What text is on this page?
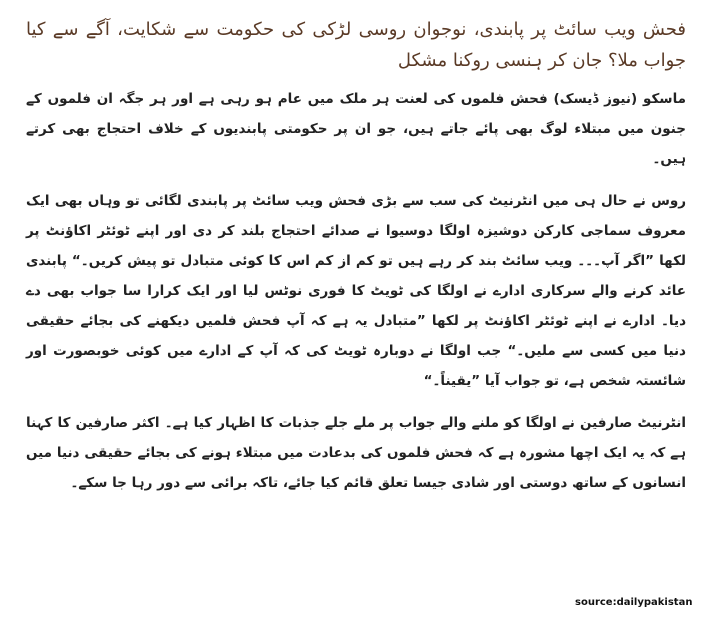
فحش ویب سائٹ پر پابندی، نوجوان روسی لڑکی کی حکومت سے شکایت، آگے سے کیا جواب ملا؟ جان کر ہنسی روکنا مشکل

ماسکو (نیوز ڈیسک) فحش فلموں کی لعنت ہر ملک میں عام ہو رہی ہے اور ہر جگہ ان فلموں کے جنون میں مبتلاء لوگ بھی پائے جاتے ہیں، جو ان پر حکومتی پابندیوں کے خلاف احتجاج بھی کرتے ہیں۔

روس نے حال ہی میں انٹرنیٹ کی سب سے بڑی فحش ویب سائٹ پر پابندی لگائی تو وہاں بھی ایک معروف سماجی کارکن دوشیزہ اولگا دوسیوا نے صدائے احتجاج بلند کر دی اور اپنے ٹوئٹر اکاؤنٹ پر لکھا ”اگر آپ۔۔۔ ویب سائٹ بند کر رہے ہیں تو کم از کم اس کا کوئی متبادل تو پیش کریں۔“ پابندی عائد کرنے والے سرکاری ادارے نے اولگا کی ٹویٹ کا فوری نوٹس لیا اور ایک کرارا سا جواب بھی دے دیا۔ ادارے نے اپنے ٹوئٹر اکاؤنٹ پر لکھا ”متبادل یہ ہے کہ آپ فحش فلمیں دیکھنے کی بجائے حقیقی دنیا میں کسی سے ملیں۔“ جب اولگا نے دوبارہ ٹویٹ کی کہ آپ کے ادارے میں کوئی خوبصورت اور شائستہ شخص ہے، تو جواب آیا ”یقیناً۔“

انٹرنیٹ صارفین نے اولگا کو ملنے والے جواب پر ملے جلے جذبات کا اظہار کیا ہے۔ اکثر صارفین کا کہنا ہے کہ یہ ایک اچھا مشورہ ہے کہ فحش فلموں کی بدعادت میں مبتلاء ہونے کی بجائے حقیقی دنیا میں انسانوں کے ساتھ دوستی اور شادی جیسا تعلق قائم کیا جائے، تاکہ برائی سے دور رہا جا سکے۔

source:dailypakistan
